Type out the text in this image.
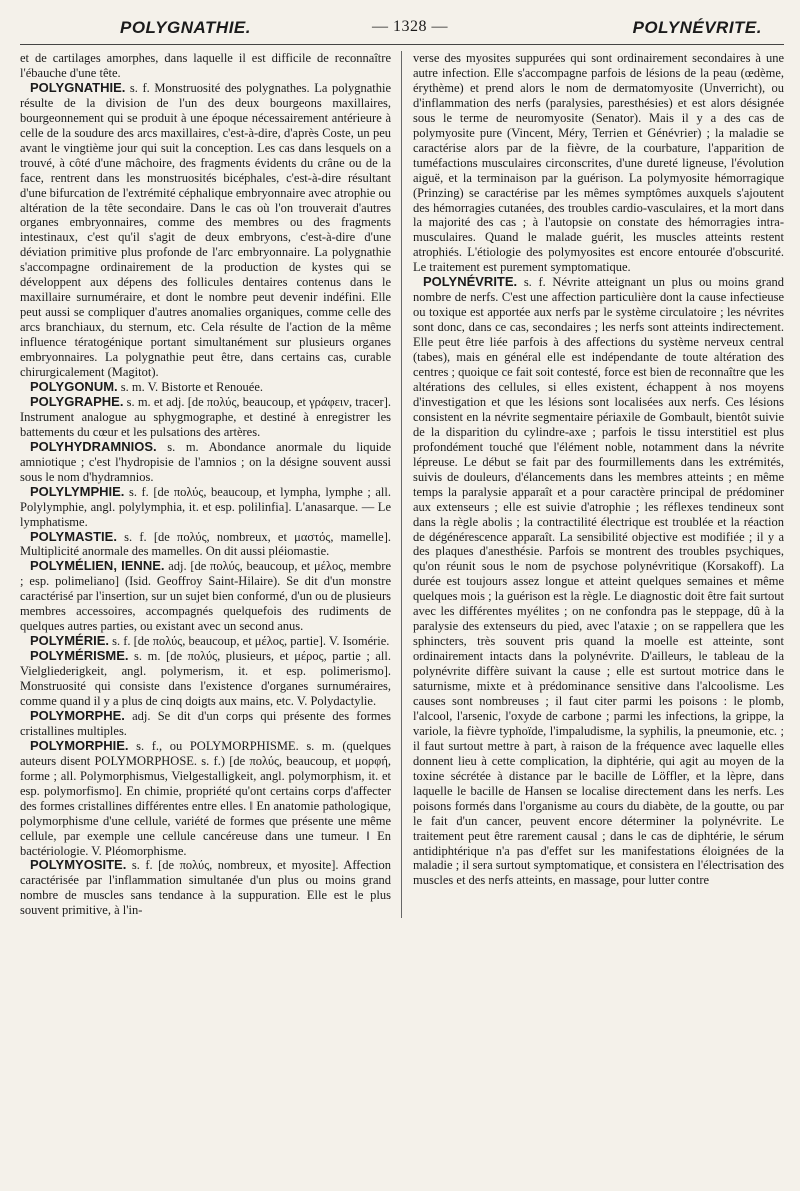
POLYGNATHIE.	— 1328 —	POLYNÉVRITE.

et de cartilages amorphes, dans laquelle il est difficile de reconnaître l'ébauche d'une tête.

POLYGNATHIE. s. f. Monstruosité des polygnathes. La polygnathie résulte de la division de l'un des deux bourgeons maxillaires, bourgeonnement qui se produit à une époque nécessairement antérieure à celle de la soudure des arcs maxillaires, c'est-à-dire, d'après Coste, un peu avant le vingtième jour qui suit la conception. Les cas dans lesquels on a trouvé, à côté d'une mâchoire, des fragments évidents du crâne ou de la face, rentrent dans les monstruosités bicéphales, c'est-à-dire résultant d'une bifurcation de l'extrémité céphalique embryonnaire avec atrophie ou altération de la tête secondaire. Dans le cas où l'on trouverait d'autres organes embryonnaires, comme des membres ou des fragments intestinaux, c'est qu'il s'agit de deux embryons, c'est-à-dire d'une déviation primitive plus profonde de l'arc embryonnaire. La polygnathie s'accompagne ordinairement de la production de kystes qui se développent aux dépens des follicules dentaires contenus dans le maxillaire surnuméraire, et dont le nombre peut devenir indéfini. Elle peut aussi se compliquer d'autres anomalies organiques, comme celle des arcs branchiaux, du sternum, etc. Cela résulte de l'action de la même influence tératogénique portant simultanément sur plusieurs organes embryonnaires. La polygnathie peut être, dans certains cas, curable chirurgicalement (Magitot).

POLYGONUM. s. m. V. Bistorte et Renouée.

POLYGRAPHE. s. m. et adj. [de πολύς, beaucoup, et γράφειν, tracer]. Instrument analogue au sphygmographe, et destiné à enregistrer les battements du cœur et les pulsations des artères.

POLYHYDRAMNIOS. s. m. Abondance anormale du liquide amniotique ; c'est l'hydropisie de l'amnios ; on la désigne souvent aussi sous le nom d'hydramnios.

POLYLYMPHIE. s. f. [de πολύς, beaucoup, et lympha, lymphe ; all. Polylymphie, angl. polylymphia, it. et esp. polilinfia]. L'anasarque. — Le lymphatisme.

POLYMASTIE. s. f. [de πολύς, nombreux, et μαστός, mamelle]. Multiplicité anormale des mamelles. On dit aussi pléiomastie.

POLYMÉLIEN, IENNE. adj. [de πολύς, beaucoup, et μέλος, membre ; esp. polimeliano] (Isid. Geoffroy Saint-Hilaire). Se dit d'un monstre caractérisé par l'insertion, sur un sujet bien conformé, d'un ou de plusieurs membres accessoires, accompagnés quelquefois des rudiments de quelques autres parties, ou existant avec un second anus.

POLYMÉRIE. s. f. [de πολύς, beaucoup, et μέλος, partie]. V. Isomérie.

POLYMÉRISME. s. m. [de πολύς, plusieurs, et μέρος, partie ; all. Vielgliederigkeit, angl. polymerism, it. et esp. polimerismo]. Monstruosité qui consiste dans l'existence d'organes surnuméraires, comme quand il y a plus de cinq doigts aux mains, etc. V. Polydactylie.

POLYMORPHE. adj. Se dit d'un corps qui présente des formes cristallines multiples.

POLYMORPHIE. s. f., ou POLYMORPHISME. s. m. (quelques auteurs disent POLYMORPHOSE. s. f.) [de πολύς, beaucoup, et μορφή, forme ; all. Polymorphismus, Vielgestalligkeit, angl. polymorphism, it. et esp. polymorfismo]. En chimie, propriété qu'ont certains corps d'affecter des formes cristallines différentes entre elles. ‖ En anatomie pathologique, polymorphisme d'une cellule, variété de formes que présente une même cellule, par exemple une cellule cancéreuse dans une tumeur. ‖ En bactériologie. V. Pléomorphisme.

POLYMYOSITE. s. f. [de πολύς, nombreux, et myosite]. Affection caractérisée par l'inflammation simultanée d'un plus ou moins grand nombre de muscles sans tendance à la suppuration. Elle est le plus souvent primitive, à l'in-

verse des myosites suppurées qui sont ordinairement secondaires à une autre infection. Elle s'accompagne parfois de lésions de la peau (œdème, érythème) et prend alors le nom de dermatomyosite (Unverricht), ou d'inflammation des nerfs (paralysies, paresthésies) et est alors désignée sous le terme de neuromyosite (Senator). Mais il y a des cas de polymyosite pure (Vincent, Méry, Terrien et Génévrier) ; la maladie se caractérise alors par de la fièvre, de la courbature, l'apparition de tuméfactions musculaires circonscrites, d'une dureté ligneuse, l'évolution aiguë, et la terminaison par la guérison. La polymyosite hémorragique (Prinzing) se caractérise par les mêmes symptômes auxquels s'ajoutent des hémorragies cutanées, des troubles cardio-vasculaires, et la mort dans la majorité des cas ; à l'autopsie on constate des hémorragies intra-musculaires. Quand le malade guérit, les muscles atteints restent atrophiés. L'étiologie des polymyosites est encore entourée d'obscurité. Le traitement est purement symptomatique.

POLYNÉVRITE. s. f. Névrite atteignant un plus ou moins grand nombre de nerfs. C'est une affection particulière dont la cause infectieuse ou toxique est apportée aux nerfs par le système circulatoire ; les névrites sont donc, dans ce cas, secondaires ; les nerfs sont atteints indirectement. Elle peut être liée parfois à des affections du système nerveux central (tabes), mais en général elle est indépendante de toute altération des centres ; quoique ce fait soit contesté, force est bien de reconnaître que les altérations des cellules, si elles existent, échappent à nos moyens d'investigation et que les lésions sont localisées aux nerfs. Ces lésions consistent en la névrite segmentaire périaxile de Gombault, bientôt suivie de la disparition du cylindre-axe ; parfois le tissu interstitiel est plus profondément touché que l'élément noble, notamment dans la névrite lépreuse. Le début se fait par des fourmillements dans les extrémités, suivis de douleurs, d'élancements dans les membres atteints ; en même temps la paralysie apparaît et a pour caractère principal de prédominer aux extenseurs ; elle est suivie d'atrophie ; les réflexes tendineux sont dans la règle abolis ; la contractilité électrique est troublée et la réaction de dégénérescence apparaît. La sensibilité objective est modifiée ; il y a des plaques d'anesthésie. Parfois se montrent des troubles psychiques, qu'on réunit sous le nom de psychose polynévritique (Korsakoff). La durée est toujours assez longue et atteint quelques semaines et même quelques mois ; la guérison est la règle. Le diagnostic doit être fait surtout avec les différentes myélites ; on ne confondra pas le steppage, dû à la paralysie des extenseurs du pied, avec l'ataxie ; on se rappellera que les sphincters, très souvent pris quand la moelle est atteinte, sont ordinairement intacts dans la polynévrite. D'ailleurs, le tableau de la polynévrite diffère suivant la cause ; elle est surtout motrice dans le saturnisme, mixte et à prédominance sensitive dans l'alcoolisme. Les causes sont nombreuses ; il faut citer parmi les poisons : le plomb, l'alcool, l'arsenic, l'oxyde de carbone ; parmi les infections, la grippe, la variole, la fièvre typhoïde, l'impaludisme, la syphilis, la pneumonie, etc. ; il faut surtout mettre à part, à raison de la fréquence avec laquelle elles donnent lieu à cette complication, la diphtérie, qui agit au moyen de la toxine sécrétée à distance par le bacille de Löffler, et la lèpre, dans laquelle le bacille de Hansen se localise directement dans les nerfs. Les poisons formés dans l'organisme au cours du diabète, de la goutte, ou par le fait d'un cancer, peuvent encore déterminer la polynévrite. Le traitement peut être rarement causal ; dans le cas de diphtérie, le sérum antidiphtérique n'a pas d'effet sur les manifestations éloignées de la maladie ; il sera surtout symptomatique, et consistera en l'électrisation des muscles et des nerfs atteints, en massage, pour lutter contre
